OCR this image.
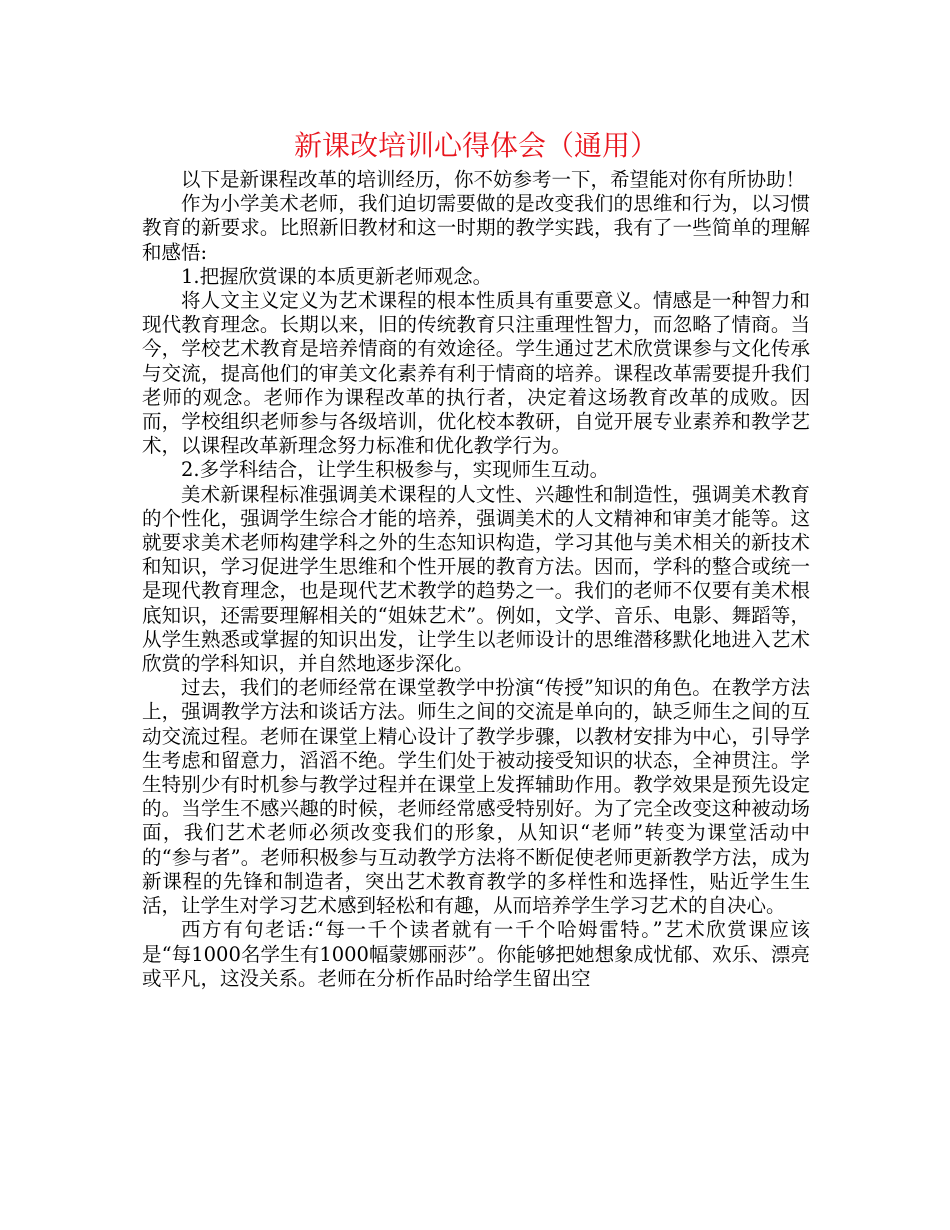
新课改培训心得体会（通用）

以下是新课程改革的培训经历，你不妨参考一下，希望能对你有所协助！

作为小学美术老师，我们迫切需要做的是改变我们的思维和行为，以习惯教育的新要求。比照新旧教材和这一时期的教学实践，我有了一些简单的理解和感悟:

1.把握欣赏课的本质更新老师观念。

将人文主义定义为艺术课程的根本性质具有重要意义。情感是一种智力和现代教育理念。长期以来，旧的传统教育只注重理性智力，而忽略了情商。当今，学校艺术教育是培养情商的有效途径。学生通过艺术欣赏课参与文化传承与交流，提高他们的审美文化素养有利于情商的培养。课程改革需要提升我们老师的观念。老师作为课程改革的执行者，决定着这场教育改革的成败。因而，学校组织老师参与各级培训，优化校本教研，自觉开展专业素养和教学艺术，以课程改革新理念努力标准和优化教学行为。

2.多学科结合，让学生积极参与，实现师生互动。

美术新课程标准强调美术课程的人文性、兴趣性和制造性，强调美术教育的个性化，强调学生综合才能的培养，强调美术的人文精神和审美才能等。这就要求美术老师构建学科之外的生态知识构造，学习其他与美术相关的新技术和知识，学习促进学生思维和个性开展的教育方法。因而，学科的整合或统一是现代教育理念，也是现代艺术教学的趋势之一。我们的老师不仅要有美术根底知识，还需要理解相关的“姐妹艺术”。例如，文学、音乐、电影、舞蹈等，从学生熟悉或掌握的知识出发，让学生以老师设计的思维潜移默化地进入艺术欣赏的学科知识，并自然地逐步深化。

过去，我们的老师经常在课堂教学中扮演“传授”知识的角色。在教学方法上，强调教学方法和谈话方法。师生之间的交流是单向的，缺乏师生之间的互动交流过程。老师在课堂上精心设计了教学步骤，以教材安排为中心，引导学生考虑和留意力，滔滔不绝。学生们处于被动接受知识的状态，全神贯注。学生特别少有时机参与教学过程并在课堂上发挥辅助作用。教学效果是预先设定的。当学生不感兴趣的时候，老师经常感受特别好。为了完全改变这种被动场面，我们艺术老师必须改变我们的形象，从知识“老师”转变为课堂活动中的“参与者”。老师积极参与互动教学方法将不断促使老师更新教学方法，成为新课程的先锋和制造者，突出艺术教育教学的多样性和选择性，贴近学生生活，让学生对学习艺术感到轻松和有趣，从而培养学生学习艺术的自决心。

西方有句老话:“每一千个读者就有一千个哈姆雷特。”艺术欣赏课应该是“每1000名学生有1000幅蒙娜丽莎”。你能够把她想象成忧郁、欢乐、漂亮或平凡，这没关系。老师在分析作品时给学生留出空
